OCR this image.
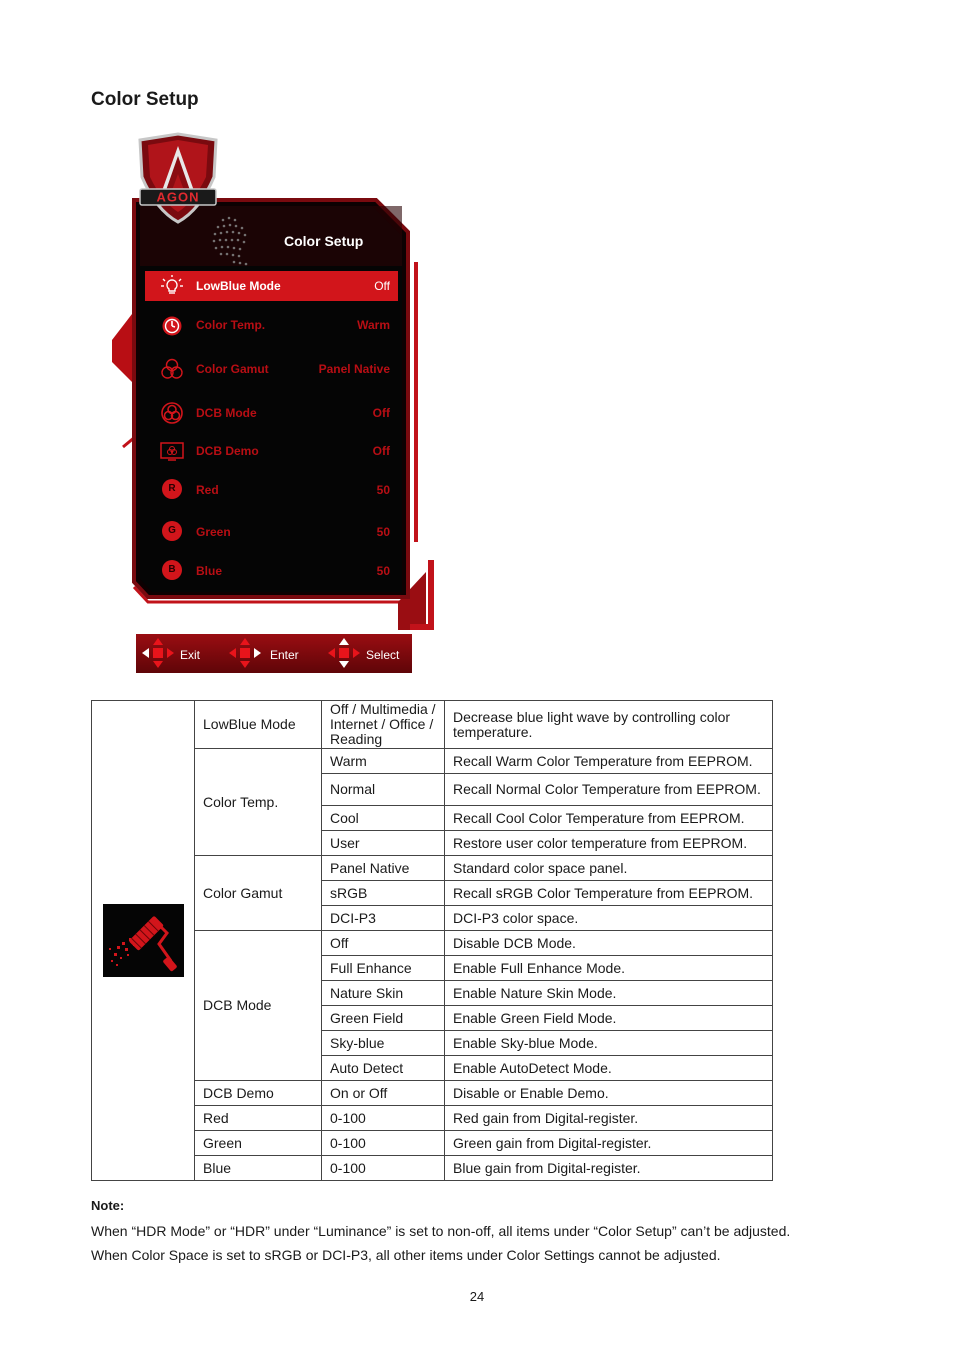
Color Setup
AGON
Color Setup
LowBlue Mode	Off
Color Temp.	Warm
Color Gamut	Panel Native
DCB Mode	Off
DCB Demo	Off
R	Red	50
G	Green	50
B	Blue	50
Exit	Enter	Select
	LowBlue Mode	Off / Multimedia / Internet / Office / Reading	Decrease blue light wave by controlling color temperature.
	Color Temp.	Warm	Recall Warm Color Temperature from EEPROM.
		Normal	Recall Normal Color Temperature from EEPROM.
		Cool	Recall Cool Color Temperature from EEPROM.
		User	Restore user color temperature from EEPROM.
	Color Gamut	Panel Native	Standard color space panel.
		sRGB	Recall sRGB Color Temperature from EEPROM.
		DCI-P3	DCI-P3 color space.
	DCB Mode	Off	Disable DCB Mode.
		Full Enhance	Enable Full Enhance Mode.
		Nature Skin	Enable Nature Skin Mode.
		Green Field	Enable Green Field Mode.
		Sky-blue	Enable Sky-blue Mode.
		Auto Detect	Enable AutoDetect Mode.
	DCB Demo	On or Off	Disable or Enable Demo.
	Red	0-100	Red gain from Digital-register.
	Green	0-100	Green gain from Digital-register.
	Blue	0-100	Blue gain from Digital-register.

Note:

When “HDR Mode” or “HDR” under “Luminance” is set to non-off, all items under “Color Setup” can’t be adjusted.

When Color Space is set to sRGB or DCI-P3, all other items under Color Settings cannot be adjusted.

24
